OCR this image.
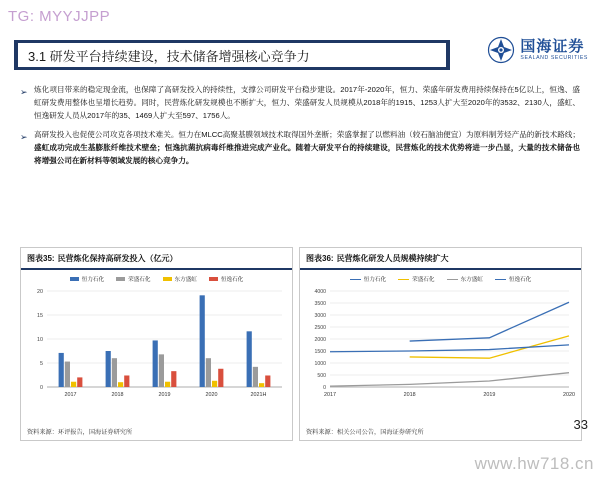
TG: MYYJJPP
3.1 研发平台持续建设，技术储备增强核心竞争力
国海证券
SEALAND SECURITIES
➢ 炼化项目带来的稳定现金流，也保障了高研发投入的持续性，支撑公司研发平台稳步建设。2017年-2020年，恒力、荣盛年研发费用持续保持在5亿以上，恒逸、盛虹研发费用整体也呈增长趋势。同时，民营炼化研发规模也不断扩大，恒力、荣盛研发人员规模从2018年的1915、1253人扩大至2020年的3532、2130人，盛虹、恒逸研发人员从2017年的35、1469人扩大至597、1756人。
➢ 高研发投入也促使公司攻克各项技术难关。恒力在MLCC高聚基膜领域技术取得国外垄断；荣盛掌握了以燃料油（较石脑油便宜）为原料制芳烃产品的新技术路线；盛虹成功完成生基膨胀纤维技术壁垒；恒逸抗菌抗病毒纤维推进完成产业化。随着大研发平台的持续建设，民营炼化的技术优势将进一步凸显，大量的技术储备也将增强公司在新材料等领域发展的核心竞争力。
图表35: 民营炼化保持高研发投入（亿元）
恒力石化	荣盛石化	东方盛虹	恒逸石化
0
5
10
15
20
2017	2018	2019	2020	2021H
资料来源：环评报告，国海证券研究所
图表36: 民营炼化研发人员规模持续扩大
恒力石化	荣盛石化	东方盛虹	恒逸石化
0
500
1000
1500
2000
2500
3000
3500
4000
2017	2018	2019	2020
资料来源：相关公司公告，国海证券研究所
33
www.hw718.cn
